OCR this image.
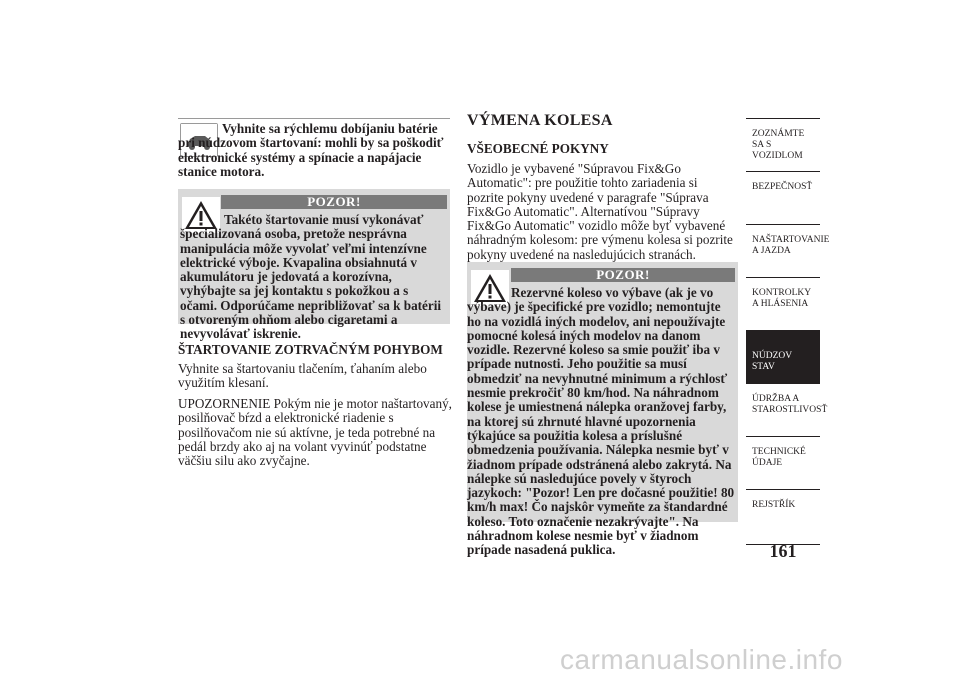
Vyhnite sa rýchlemu dobíjaniu batérie pri núdzovom štartovaní: mohli by sa poškodiť elektronické systémy a spínacie a napájacie stanice motora.
POZOR!
Takéto štartovanie musí vykonávať špecializovaná osoba, pretože nesprávna manipulácia môže vyvolať veľmi intenzívne elektrické výboje. Kvapalina obsiahnutá v akumulátoru je jedovatá a korozívna, vyhýbajte sa jej kontaktu s pokožkou a s očami. Odporúčame nepribližovať sa k batérii s otvoreným ohňom alebo cigaretami a nevyvolávať iskrenie.
ŠTARTOVANIE ZOTRVAČNÝM POHYBOM
Vyhnite sa štartovaniu tlačením, ťahaním alebo využitím klesaní.
UPOZORNENIE Pokým nie je motor naštartovaný, posilňovač bŕzd a elektronické riadenie s posilňovačom nie sú aktívne, je teda potrebné na pedál brzdy ako aj na volant vyvinúť podstatne väčšiu silu ako zvyčajne.
VÝMENA KOLESA
VŠEOBECNÉ POKYNY
Vozidlo je vybavené "Súpravou Fix&Go Automatic": pre použitie tohto zariadenia si pozrite pokyny uvedené v paragrafe "Súprava Fix&Go Automatic". Alternatívou "Súpravy Fix&Go Automatic" vozidlo môže byť vybavené náhradným kolesom: pre výmenu kolesa si pozrite pokyny uvedené na nasledujúcich stranách.
POZOR!
Rezervné koleso vo výbave (ak je vo výbave) je špecifické pre vozidlo; nemontujte ho na vozidlá iných modelov, ani nepoužívajte pomocné kolesá iných modelov na danom vozidle. Rezervné koleso sa smie použiť iba v prípade nutnosti. Jeho použitie sa musí obmedziť na nevyhnutné minimum a rýchlosť nesmie prekročiť 80 km/hod. Na náhradnom kolese je umiestnená nálepka oranžovej farby, na ktorej sú zhrnuté hlavné upozornenia týkajúce sa použitia kolesa a príslušné obmedzenia používania. Nálepka nesmie byť v žiadnom prípade odstránená alebo zakrytá. Na nálepke sú nasledujúce povely v štyroch jazykoch: "Pozor! Len pre dočasné použitie! 80 km/h max! Čo najskôr vymeňte za štandardné koleso. Toto označenie nezakrývajte". Na náhradnom kolese nesmie byť v žiadnom prípade nasadená puklica.
ZOZNÁMTE SA S VOZIDLOM
BEZPEČNOSŤ
NAŠTARTOVANIE A JAZDA
KONTROLKY A HLÁSENIA
NÚDZOV STAV
ÚDRŽBA A STAROSTLIVOSŤ
TECHNICKÉ ÚDAJE
REJSTŘÍK
161
carmanualsonline.info
